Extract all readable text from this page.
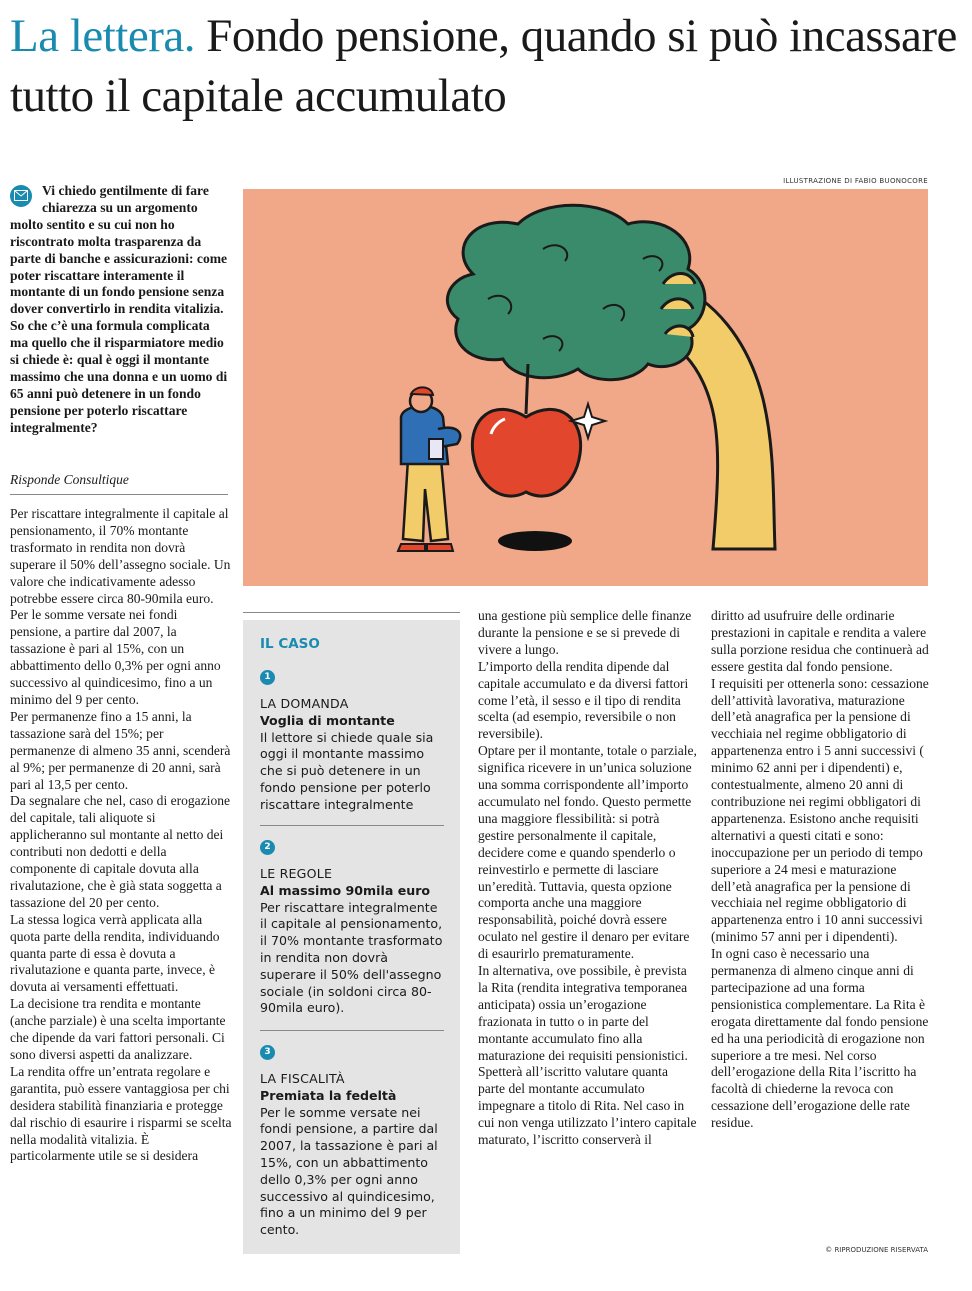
La lettera. Fondo pensione, quando si può incassare tutto il capitale accumulato

Vi chiedo gentilmente di fare chiarezza su un argomento molto sentito e su cui non ho riscontrato molta trasparenza da parte di banche e assicurazioni: come poter riscattare interamente il montante di un fondo pensione senza dover convertirlo in rendita vitalizia. So che c’è una formula complicata ma quello che il risparmiatore medio si chiede è: qual è oggi il montante massimo che una donna e un uomo di 65 anni può detenere in un fondo pensione per poterlo riscattare integralmente?

Risponde Consultique

Per riscattare integralmente il capitale al pensionamento, il 70% montante trasformato in rendita non dovrà superare il 50% dell’assegno sociale. Un valore che indicativamente adesso potrebbe essere circa 80-90mila euro.

Per le somme versate nei fondi pensione, a partire dal 2007, la tassazione è pari al 15%, con un abbattimento dello 0,3% per ogni anno successivo al quindicesimo, fino a un minimo del 9 per cento.

Per permanenze fino a 15 anni, la tassazione sarà del 15%; per permanenze di almeno 35 anni, scenderà al 9%; per permanenze di 20 anni, sarà pari al 13,5 per cento.

Da segnalare che nel, caso di erogazione del capitale, tali aliquote si applicheranno sul montante al netto dei contributi non dedotti e della componente di capitale dovuta alla rivalutazione, che è già stata soggetta a tassazione del 20 per cento.

La stessa logica verrà applicata alla quota parte della rendita, individuando quanta parte di essa è dovuta a rivalutazione e quanta parte, invece, è dovuta ai versamenti effettuati.

La decisione tra rendita e montante (anche parziale) è una scelta importante che dipende da vari fattori personali. Ci sono diversi aspetti da analizzare.

La rendita offre un’entrata regolare e garantita, può essere vantaggiosa per chi desidera stabilità finanziaria e protegge dal rischio di esaurire i risparmi se scelta nella modalità vitalizia. È particolarmente utile se si desidera

ILLUSTRAZIONE DI FABIO BUONOCORE
IL CASO
1
LA DOMANDA
Voglia di montante

Il lettore si chiede quale sia oggi il montante massimo che si può detenere in un fondo pensione per poterlo riscattare integralmente

2
LE REGOLE
Al massimo 90mila euro

Per riscattare integralmente il capitale al pensionamento, il 70% montante trasformato in rendita non dovrà superare il 50% dell'assegno sociale (in soldoni circa 80-90mila euro).

3
LA FISCALITÀ
Premiata la fedeltà

Per le somme versate nei fondi pensione, a partire dal 2007, la tassazione è pari al 15%, con un abbattimento dello 0,3% per ogni anno successivo al quindicesimo, fino a un minimo del 9 per cento.

una gestione più semplice delle finanze durante la pensione e se si prevede di vivere a lungo.

L’importo della rendita dipende dal capitale accumulato e da diversi fattori come l’età, il sesso e il tipo di rendita scelta (ad esempio, reversibile o non reversibile).

Optare per il montante, totale o parziale, significa ricevere in un’unica soluzione una somma corrispondente all’importo accumulato nel fondo. Questo permette una maggiore flessibilità: si potrà gestire personalmente il capitale, decidere come e quando spenderlo o reinvestirlo e permette di lasciare un’eredità. Tuttavia, questa opzione comporta anche una maggiore responsabilità, poiché dovrà essere oculato nel gestire il denaro per evitare di esaurirlo prematuramente.

In alternativa, ove possibile, è prevista la Rita (rendita integrativa temporanea anticipata) ossia un’erogazione frazionata in tutto o in parte del montante accumulato fino alla maturazione dei requisiti pensionistici.

Spetterà all’iscritto valutare quanta parte del montante accumulato impegnare a titolo di Rita. Nel caso in cui non venga utilizzato l’intero capitale maturato, l’iscritto conserverà il

diritto ad usufruire delle ordinarie prestazioni in capitale e rendita a valere sulla porzione residua che continuerà ad essere gestita dal fondo pensione.

I requisiti per ottenerla sono: cessazione dell’attività lavorativa, maturazione dell’età anagrafica per la pensione di vecchiaia nel regime obbligatorio di appartenenza entro i 5 anni successivi ( minimo 62 anni per i dipendenti) e, contestualmente, almeno 20 anni di contribuzione nei regimi obbligatori di appartenenza. Esistono anche requisiti alternativi a questi citati e sono: inoccupazione per un periodo di tempo superiore a 24 mesi e maturazione dell’età anagrafica per la pensione di vecchiaia nel regime obbligatorio di appartenenza entro i 10 anni successivi (minimo 57 anni per i dipendenti).

In ogni caso è necessario una permanenza di almeno cinque anni di partecipazione ad una forma pensionistica complementare. La Rita è erogata direttamente dal fondo pensione ed ha una periodicità di erogazione non superiore a tre mesi. Nel corso dell’erogazione della Rita l’iscritto ha facoltà di chiederne la revoca con cessazione dell’erogazione delle rate residue.

© RIPRODUZIONE RISERVATA
